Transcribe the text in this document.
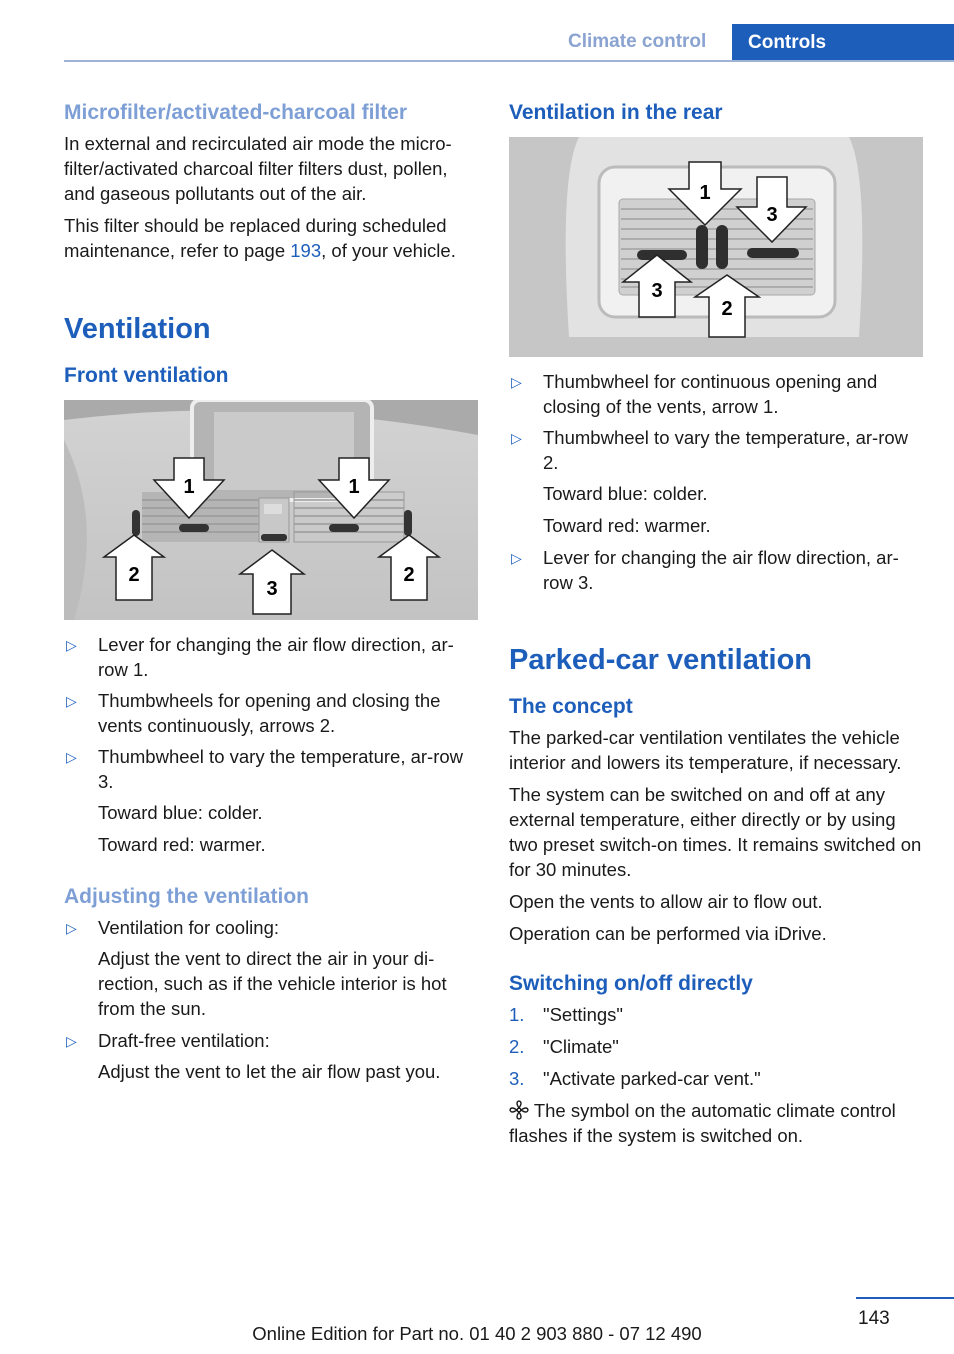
Climate control Controls
Microfilter/activated-charcoal filter

In external and recirculated air mode the micro-filter/activated charcoal filter filters dust, pollen, and gaseous pollutants out of the air.

This filter should be replaced during scheduled maintenance, refer to page 193, of your vehicle.

Ventilation
Front ventilation
1	1
2	2
3
▷ Lever for changing the air flow direction, ar-row 1.
▷ Thumbwheels for opening and closing the vents continuously, arrows 2.
▷ Thumbwheel to vary the temperature, ar-row 3.

Toward blue: colder.

Toward red: warmer.

Adjusting the ventilation
▷ Ventilation for cooling:

Adjust the vent to direct the air in your di-rection, such as if the vehicle interior is hot from the sun.

▷ Draft-free ventilation:

Adjust the vent to let the air flow past you.

Ventilation in the rear
1
3
3
2
▷ Thumbwheel for continuous opening and closing of the vents, arrow 1.
▷ Thumbwheel to vary the temperature, ar-row 2.

Toward blue: colder.

Toward red: warmer.

▷ Lever for changing the air flow direction, ar-row 3.
Parked-car ventilation
The concept

The parked-car ventilation ventilates the vehicle interior and lowers its temperature, if necessary.

The system can be switched on and off at any external temperature, either directly or by using two preset switch-on times. It remains switched on for 30 minutes.

Open the vents to allow air to flow out.

Operation can be performed via iDrive.

Switching on/off directly
1. "Settings"
2. "Climate"
3. "Activate parked-car vent."

The symbol on the automatic climate control flashes if the system is switched on.

143
Online Edition for Part no. 01 40 2 903 880 - 07 12 490
